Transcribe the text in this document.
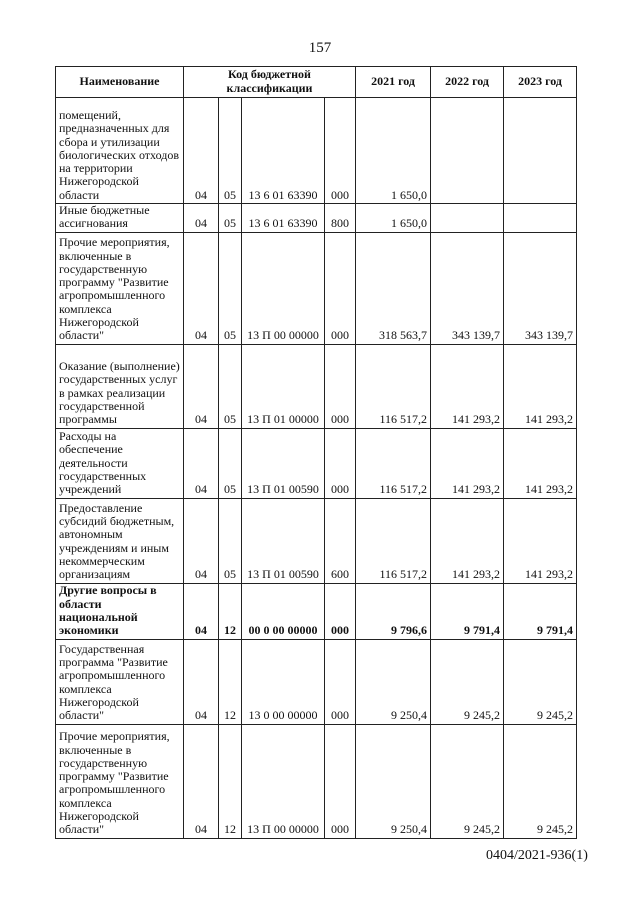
157
Наименование	Код бюджетной классификации				2021 год	2022 год	2023 год
помещений, предназначенных для сбора и утилизации биологических отходов на территории Нижегородской области	04	05	13 6 01 63390	000	1 650,0		
Иные бюджетные ассигнования	04	05	13 6 01 63390	800	1 650,0		
Прочие мероприятия, включенные в государственную программу "Развитие агропромышленного комплекса Нижегородской области"	04	05	13 П 00 00000	000	318 563,7	343 139,7	343 139,7
Оказание (выполнение) государственных услуг в рамках реализации государственной программы	04	05	13 П 01 00000	000	116 517,2	141 293,2	141 293,2
Расходы на обеспечение деятельности государственных учреждений	04	05	13 П 01 00590	000	116 517,2	141 293,2	141 293,2
Предоставление субсидий бюджетным, автономным учреждениям и иным некоммерческим организациям	04	05	13 П 01 00590	600	116 517,2	141 293,2	141 293,2
Другие вопросы в области национальной экономики	04	12	00 0 00 00000	000	9 796,6	9 791,4	9 791,4
Государственная программа "Развитие агропромышленного комплекса Нижегородской области"	04	12	13 0 00 00000	000	9 250,4	9 245,2	9 245,2
Прочие мероприятия, включенные в государственную программу "Развитие агропромышленного комплекса Нижегородской области"	04	12	13 П 00 00000	000	9 250,4	9 245,2	9 245,2
0404/2021-936(1)
